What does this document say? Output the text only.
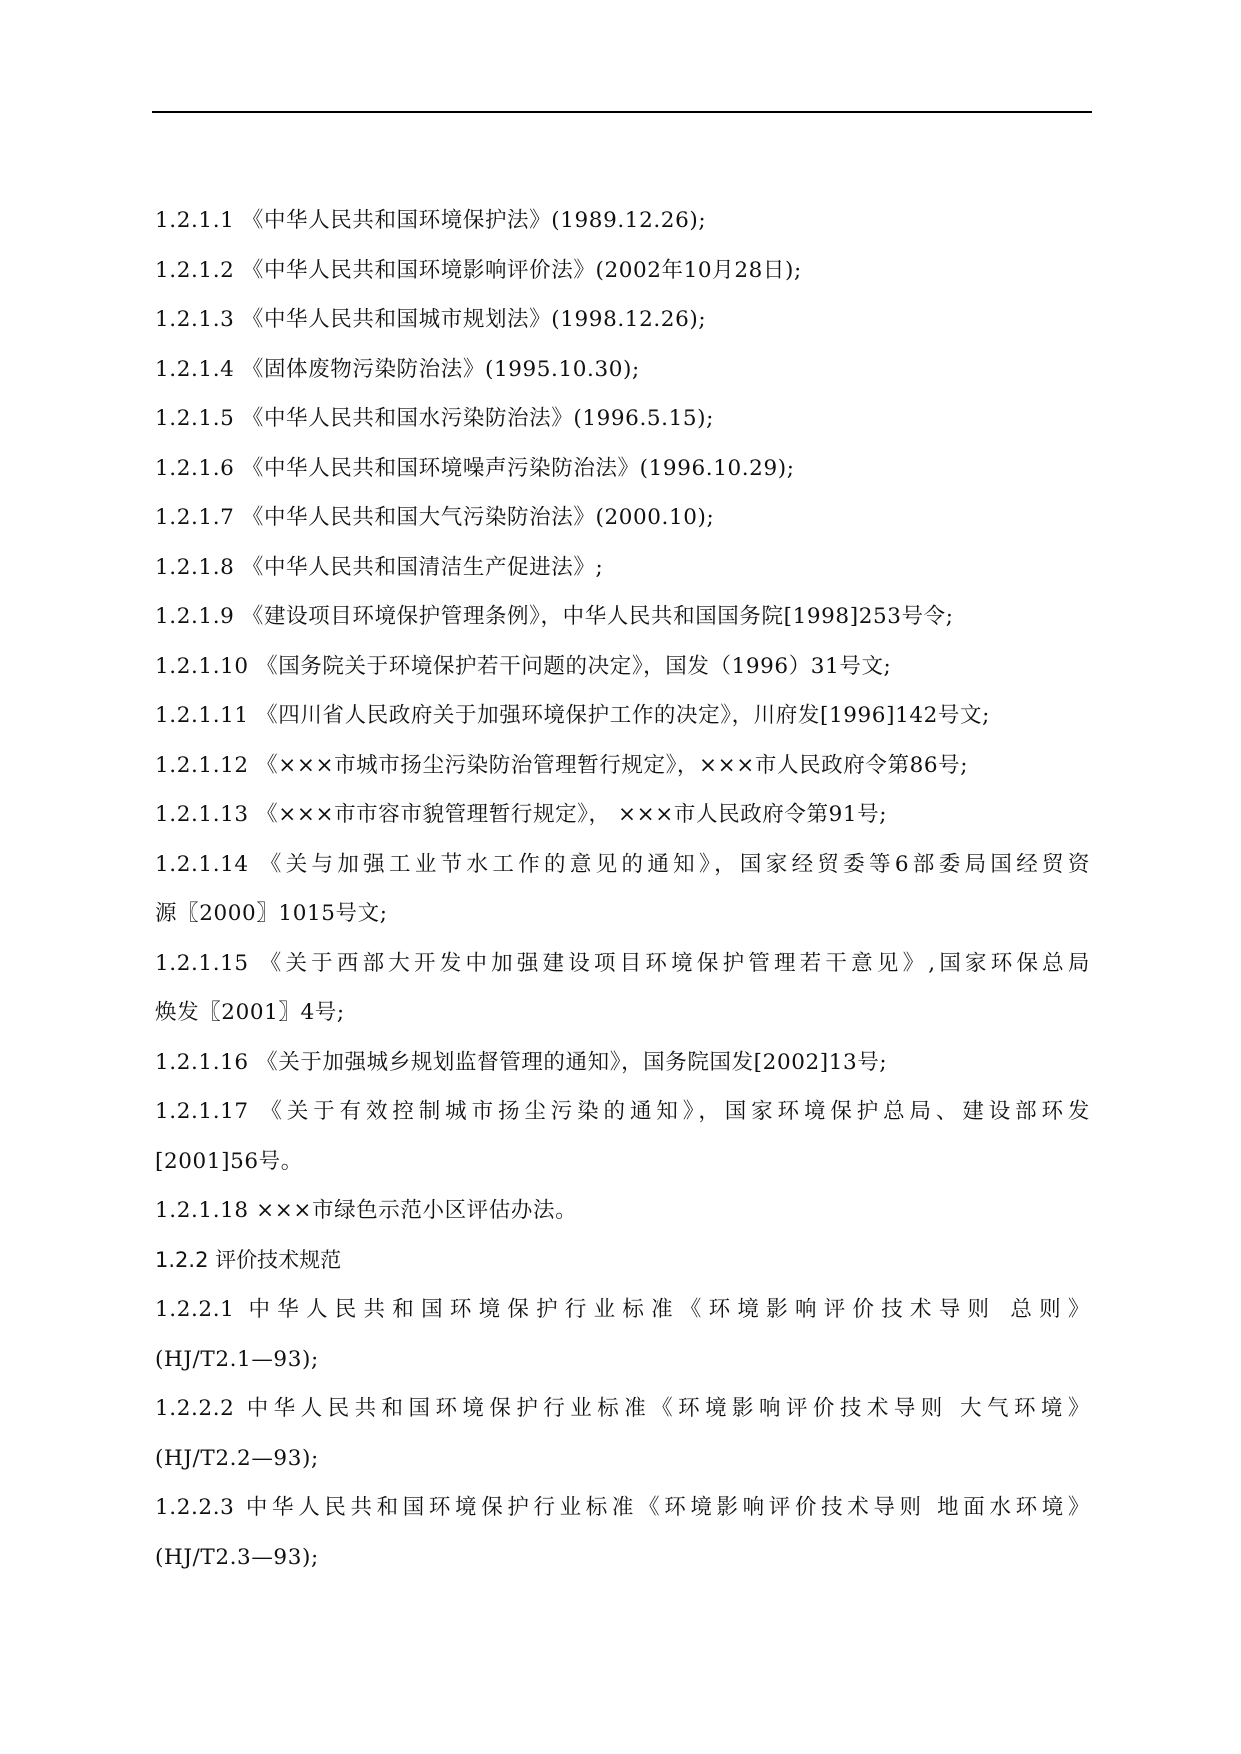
1.2.1.1 《中华人民共和国环境保护法》(1989.12.26);
1.2.1.2 《中华人民共和国环境影响评价法》(2002年10月28日);
1.2.1.3 《中华人民共和国城市规划法》(1998.12.26);
1.2.1.4 《固体废物污染防治法》(1995.10.30);
1.2.1.5 《中华人民共和国水污染防治法》(1996.5.15);
1.2.1.6 《中华人民共和国环境噪声污染防治法》(1996.10.29);
1.2.1.7 《中华人民共和国大气污染防治法》(2000.10);
1.2.1.8 《中华人民共和国清洁生产促进法》;
1.2.1.9 《建设项目环境保护管理条例》，中华人民共和国国务院[1998]253号令;
1.2.1.10 《国务院关于环境保护若干问题的决定》，国发（1996）31号文;
1.2.1.11 《四川省人民政府关于加强环境保护工作的决定》，川府发[1996]142号文;
1.2.1.12 《×××市城市扬尘污染防治管理暂行规定》，×××市人民政府令第86号;
1.2.1.13 《×××市市容市貌管理暂行规定》， ×××市人民政府令第91号;
1.2.1.14 《关与加强工业节水工作的意见的通知》，国家经贸委等6部委局国经贸资
源〖2000〗1015号文;
1.2.1.15 《关于西部大开发中加强建设项目环境保护管理若干意见》,国家环保总局
焕发〖2001〗4号;
1.2.1.16 《关于加强城乡规划监督管理的通知》，国务院国发[2002]13号;
1.2.1.17 《关于有效控制城市扬尘污染的通知》，国家环境保护总局、建设部环发
[2001]56号。
1.2.1.18 ×××市绿色示范小区评估办法。
1.2.2 评价技术规范
1.2.2.1 中华人民共和国环境保护行业标准《环境影响评价技术导则 总则》
(HJ/T2.1—93);
1.2.2.2 中华人民共和国环境保护行业标准《环境影响评价技术导则 大气环境》
(HJ/T2.2—93);
1.2.2.3 中华人民共和国环境保护行业标准《环境影响评价技术导则 地面水环境》
(HJ/T2.3—93);
